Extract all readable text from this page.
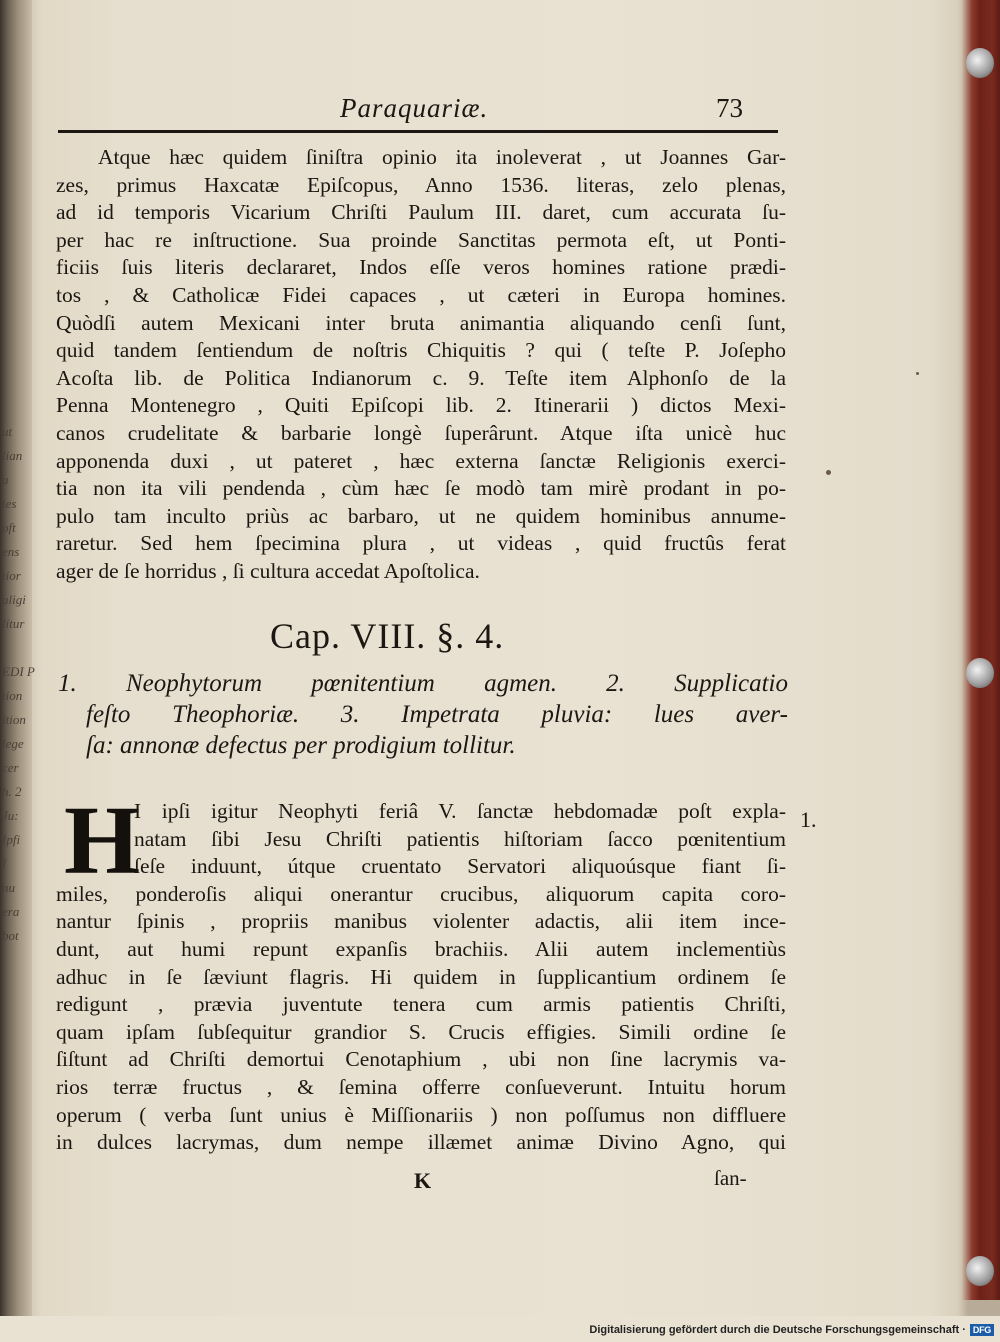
ut
lian
a
tes
oft
ens
tior
aligi
litur

EDI
tion
ltion
lege
cer
h. 2
Ju:
Ipfi
I
nu
era
bot
Paraquariæ.	73
Atque hæc quidem ſiniſtra opinio ita inoleverat , ut Joannes Gar-
zes, primus Haxcatæ Epiſcopus, Anno 1536. literas, zelo plenas,
ad id temporis Vicarium Chriſti Paulum III. daret, cum accurata ſu-
per hac re inſtructione. Sua proinde Sanctitas permota eſt, ut Ponti-
ficiis ſuis literis declararet, Indos eſſe veros homines ratione prædi-
tos , & Catholicæ Fidei capaces , ut cæteri in Europa homines.
Quòdſi autem Mexicani inter bruta animantia aliquando cenſi ſunt,
quid tandem ſentiendum de noſtris Chiquitis ? qui ( teſte P. Joſepho
Acoſta lib. de Politica Indianorum c. 9. Teſte item Alphonſo de la
Penna Montenegro , Quiti Epiſcopi lib. 2. Itinerarii ) dictos Mexi-
canos crudelitate & barbarie longè ſuperârunt. Atque iſta unicè huc
apponenda duxi , ut pateret , hæc externa ſanctæ Religionis exerci-
tia non ita vili pendenda , cùm hæc ſe modò tam mirè prodant in po-
pulo tam inculto priùs ac barbaro, ut ne quidem hominibus annume-
raretur. Sed hem ſpecimina plura , ut videas , quid fructûs ferat
ager de ſe horridus , ſi cultura accedat Apoſtolica.
Cap. VIII. §. 4.
1. Neophytorum pœnitentium agmen. 2. Supplicatio
feſto Theophoriæ. 3. Impetrata pluvia: lues aver-
ſa: annonæ defectus per prodigium tollitur.
H	1.
I ipſi igitur Neophyti feriâ V. ſanctæ hebdomadæ poſt expla-
natam ſibi Jesu Chriſti patientis hiſtoriam ſacco pœnitentium
ſeſe induunt, útque cruentato Servatori aliquoúsque fiant ſi-
miles, ponderoſis aliqui onerantur crucibus, aliquorum capita coro-
nantur ſpinis , propriis manibus violenter adactis, alii item ince-
dunt, aut humi repunt expanſis brachiis. Alii autem inclementiùs
adhuc in ſe ſæviunt flagris. Hi quidem in ſupplicantium ordinem ſe
redigunt , prævia juventute tenera cum armis patientis Chriſti,
quam ipſam ſubſequitur grandior S. Crucis effigies. Simili ordine ſe
ſiſtunt ad Chriſti demortui Cenotaphium , ubi non ſine lacrymis va-
rios terræ fructus , & ſemina offerre conſueverunt. Intuitu horum
operum ( verba ſunt unius è Miſſionariis ) non poſſumus non diffluere
in dulces lacrymas, dum nempe illæmet animæ Divino Agno, qui
K	ſan-
Digitalisierung gefördert durch die Deutsche Forschungsgemeinschaft · DFG
